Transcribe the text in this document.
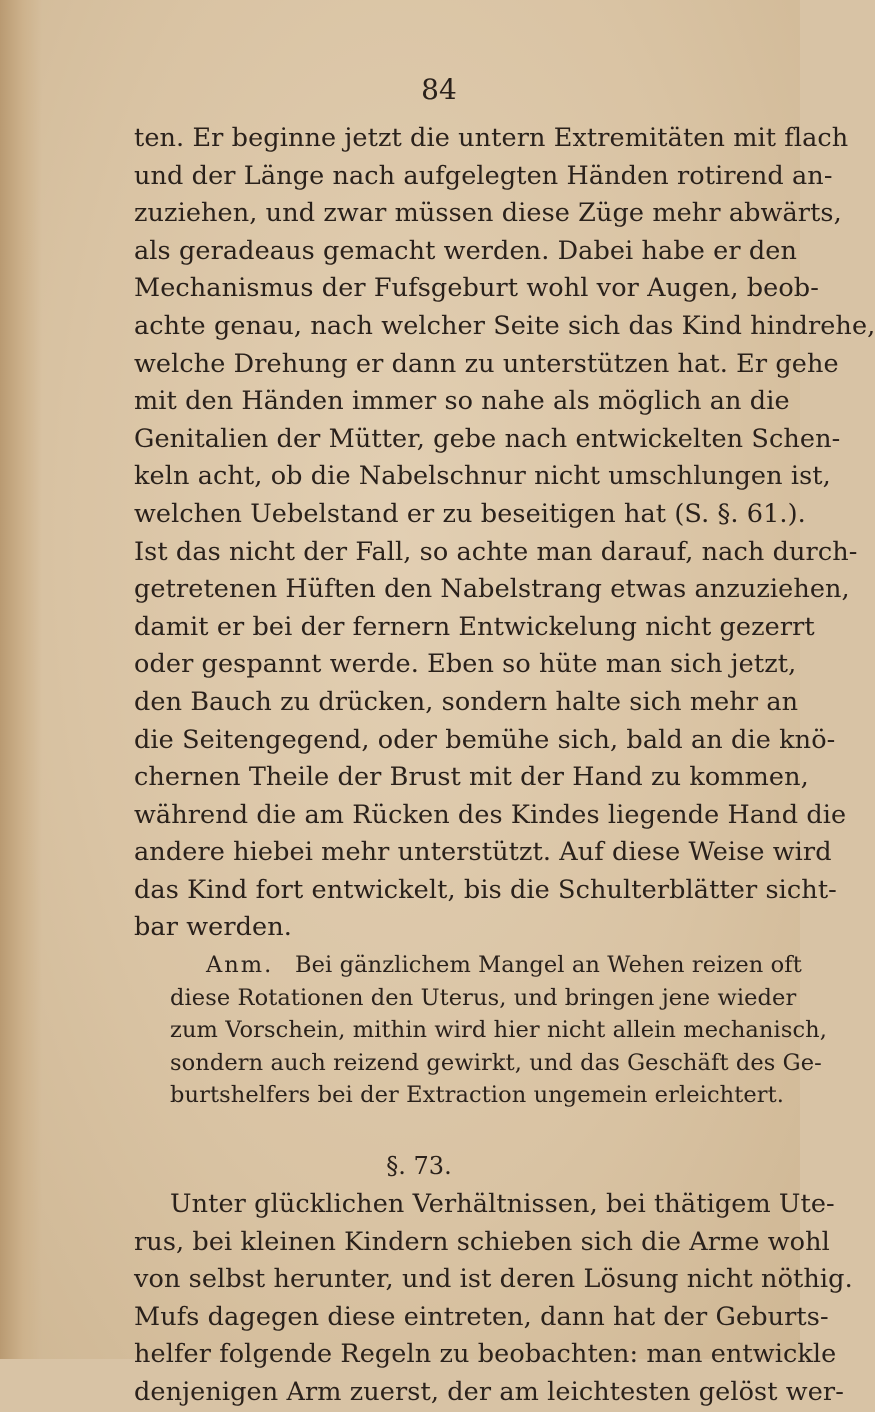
84
ten. Er beginne jetzt die untern Extremitäten mit flach
und der Länge nach aufgelegten Händen rotirend an-
zuziehen, und zwar müssen diese Züge mehr abwärts,
als geradeaus gemacht werden. Dabei habe er den
Mechanismus der Fufsgeburt wohl vor Augen, beob-
achte genau, nach welcher Seite sich das Kind hindrehe,
welche Drehung er dann zu unterstützen hat. Er gehe
mit den Händen immer so nahe als möglich an die
Genitalien der Mütter, gebe nach entwickelten Schen-
keln acht, ob die Nabelschnur nicht umschlungen ist,
welchen Uebelstand er zu beseitigen hat (S. §. 61.).
Ist das nicht der Fall, so achte man darauf, nach durch-
getretenen Hüften den Nabelstrang etwas anzuziehen,
damit er bei der fernern Entwickelung nicht gezerrt
oder gespannt werde. Eben so hüte man sich jetzt,
den Bauch zu drücken, sondern halte sich mehr an
die Seitengegend, oder bemühe sich, bald an die knö-
chernen Theile der Brust mit der Hand zu kommen,
während die am Rücken des Kindes liegende Hand die
andere hiebei mehr unterstützt. Auf diese Weise wird
das Kind fort entwickelt, bis die Schulterblätter sicht-
bar werden.
Anm. Bei gänzlichem Mangel an Wehen reizen oft
diese Rotationen den Uterus, und bringen jene wieder
zum Vorschein, mithin wird hier nicht allein mechanisch,
sondern auch reizend gewirkt, und das Geschäft des Ge-
burtshelfers bei der Extraction ungemein erleichtert.
§. 73.
Unter glücklichen Verhältnissen, bei thätigem Ute-
rus, bei kleinen Kindern schieben sich die Arme wohl
von selbst herunter, und ist deren Lösung nicht nöthig.
Mufs dagegen diese eintreten, dann hat der Geburts-
helfer folgende Regeln zu beobachten: man entwickle
denjenigen Arm zuerst, der am leichtesten gelöst wer-
